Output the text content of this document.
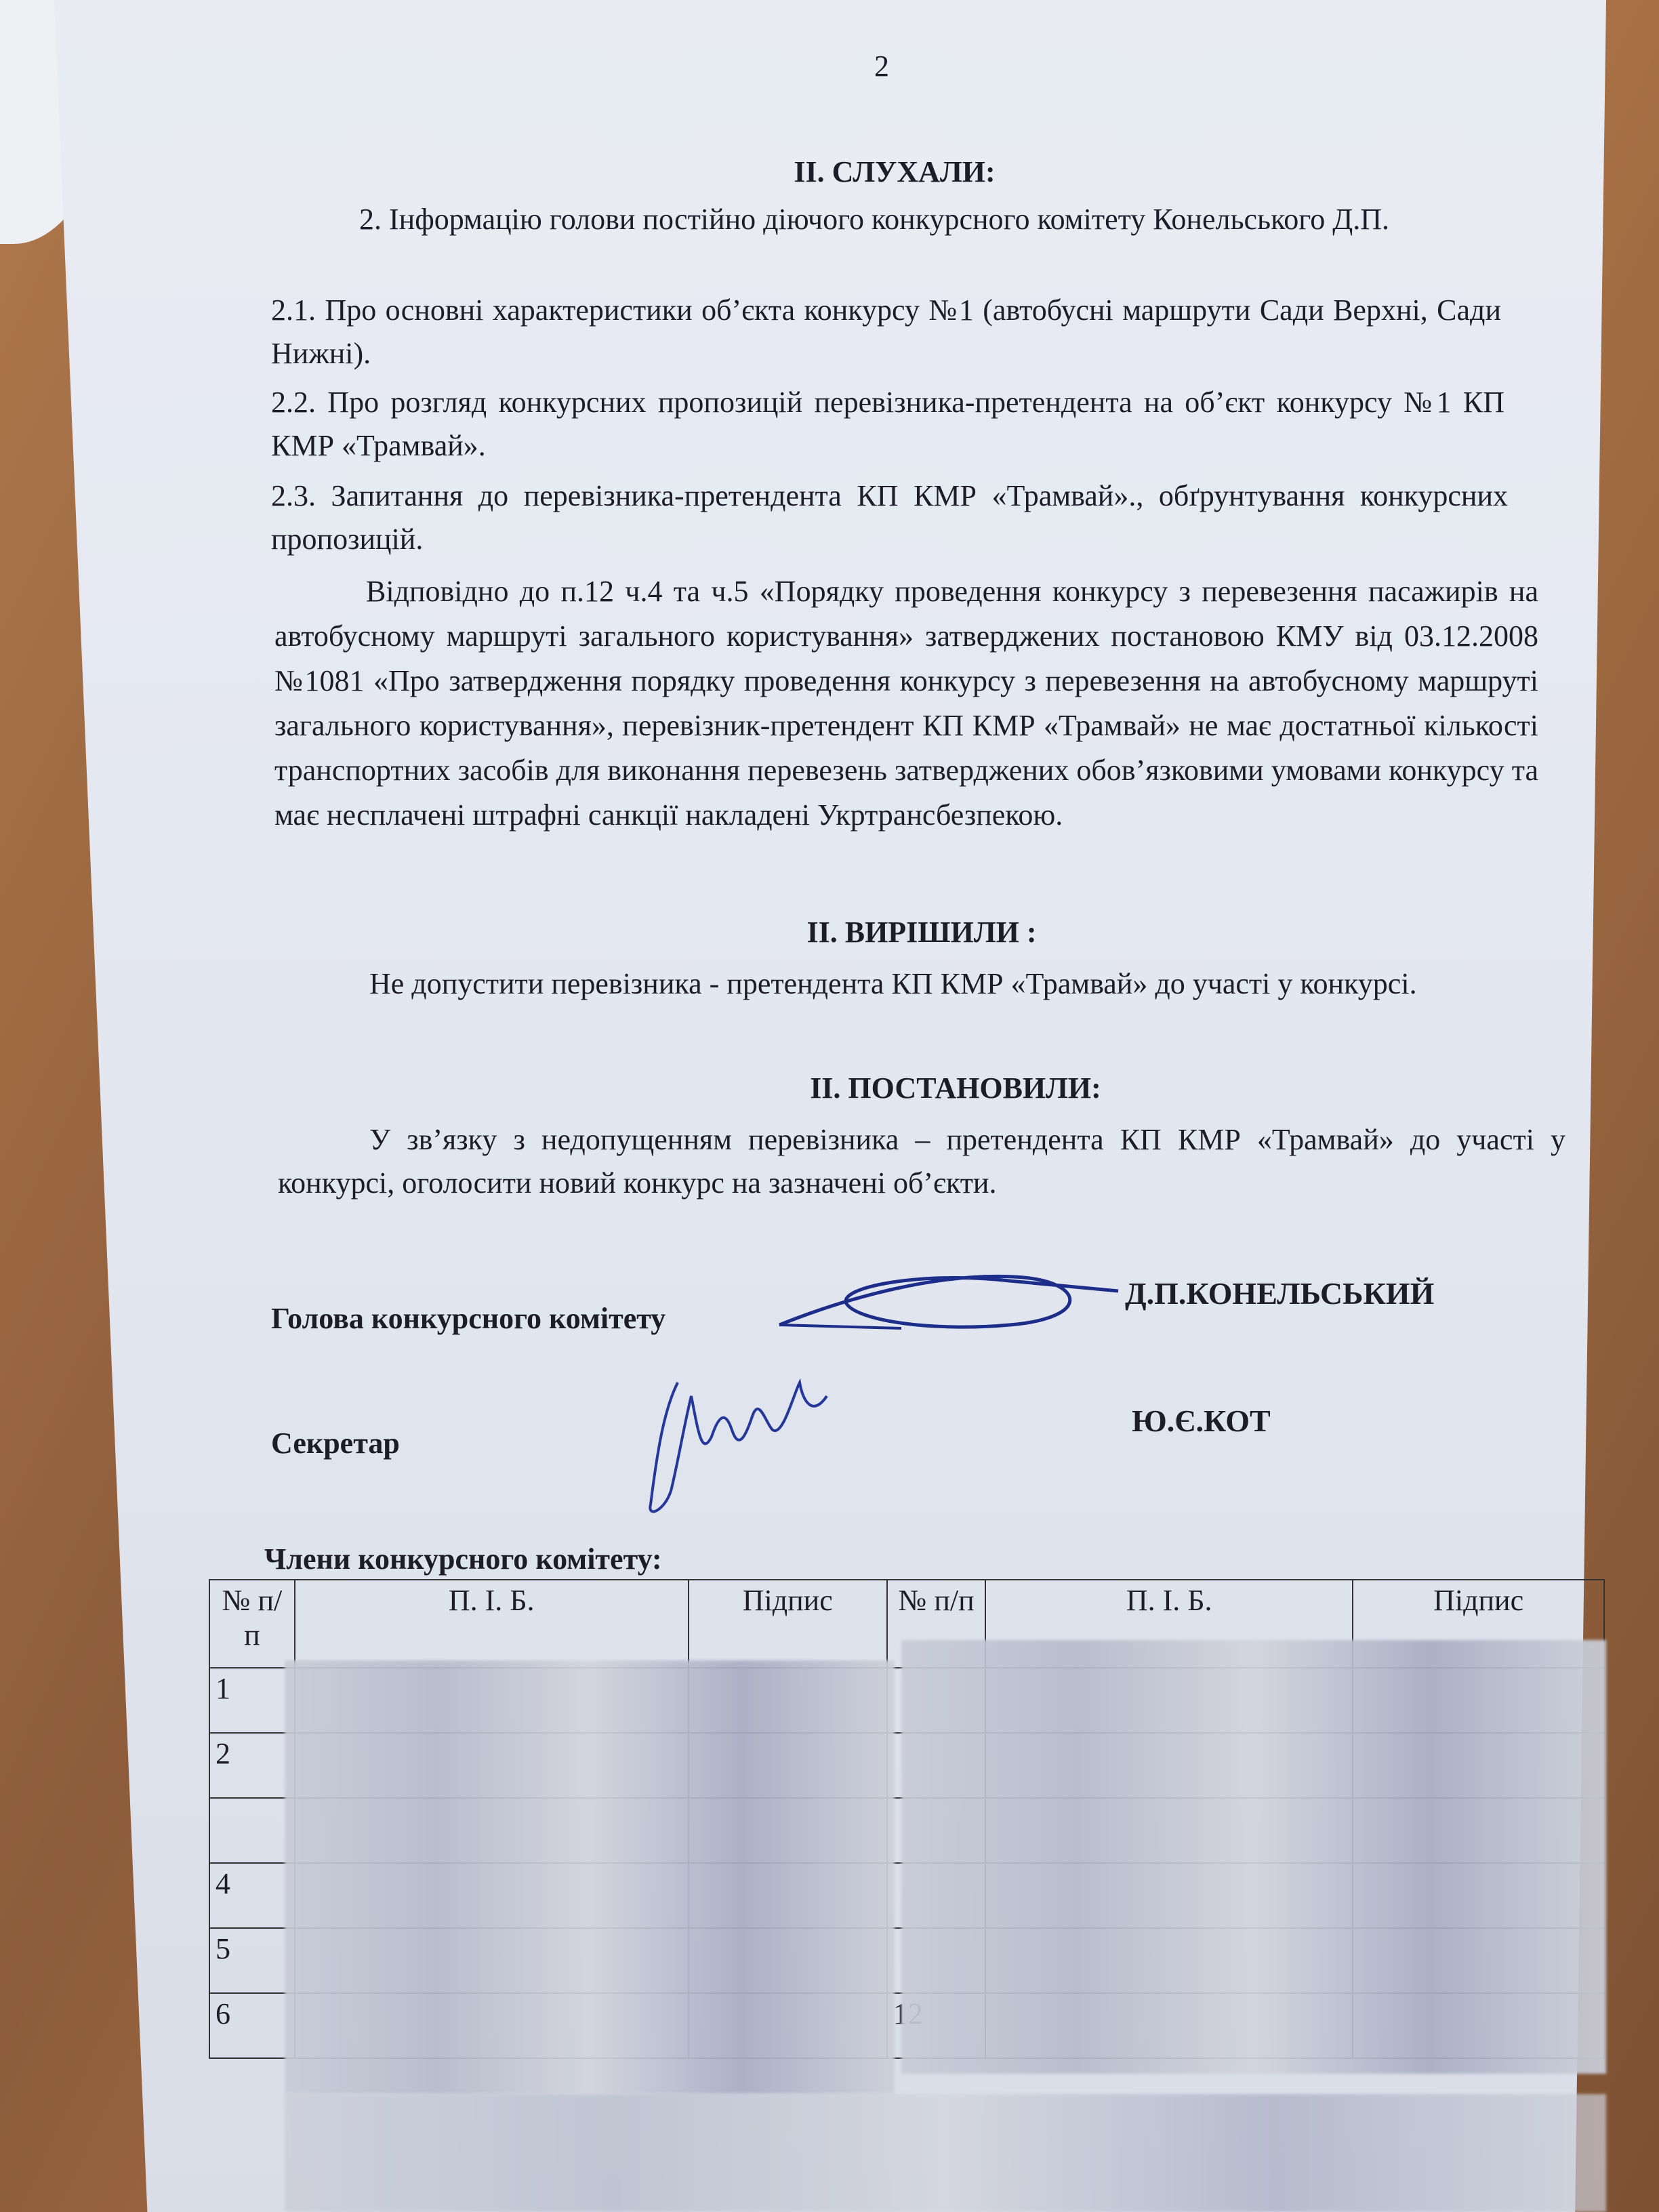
2
II. СЛУХАЛИ:
2. Інформацію голови постійно діючого конкурсного комітету Конельського Д.П.
2.1. Про основні характеристики об’єкта конкурсу №1 (автобусні маршрути Сади Верхні, Сади Нижні).
2.2. Про розгляд конкурсних пропозицій перевізника-претендента на об’єкт конкурсу №1 КП КМР «Трамвай».
2.3. Запитання до перевізника-претендента КП КМР «Трамвай»., обґрунтування конкурсних пропозицій.
Відповідно до п.12 ч.4 та ч.5 «Порядку проведення конкурсу з перевезення пасажирів на автобусному маршруті загального користування» затверджених постановою КМУ від 03.12.2008 №1081 «Про затвердження порядку проведення конкурсу з перевезення на автобусному маршруті загального користування», перевізник-претендент КП КМР «Трамвай» не має достатньої кількості транспортних засобів для виконання перевезень затверджених обов’язковими умовами конкурсу та має несплачені штрафні санкції накладені Укртрансбезпекою.
II. ВИРІШИЛИ :
Не допустити перевізника - претендента КП КМР «Трамвай» до участі у конкурсі.
II. ПОСТАНОВИЛИ:
У зв’язку з недопущенням перевізника – претендента КП КМР «Трамвай» до участі у конкурсі, оголосити новий конкурс на зазначені об’єкти.
Голова конкурсного комітету
Д.П.КОНЕЛЬСЬКИЙ
Секретар
Ю.Є.КОТ
Члени конкурсного комітету:
№ п/п	П. І. Б.	Підпис	№ п/п	П. І. Б.	Підпис
1					
2					

4					
5					
6					
